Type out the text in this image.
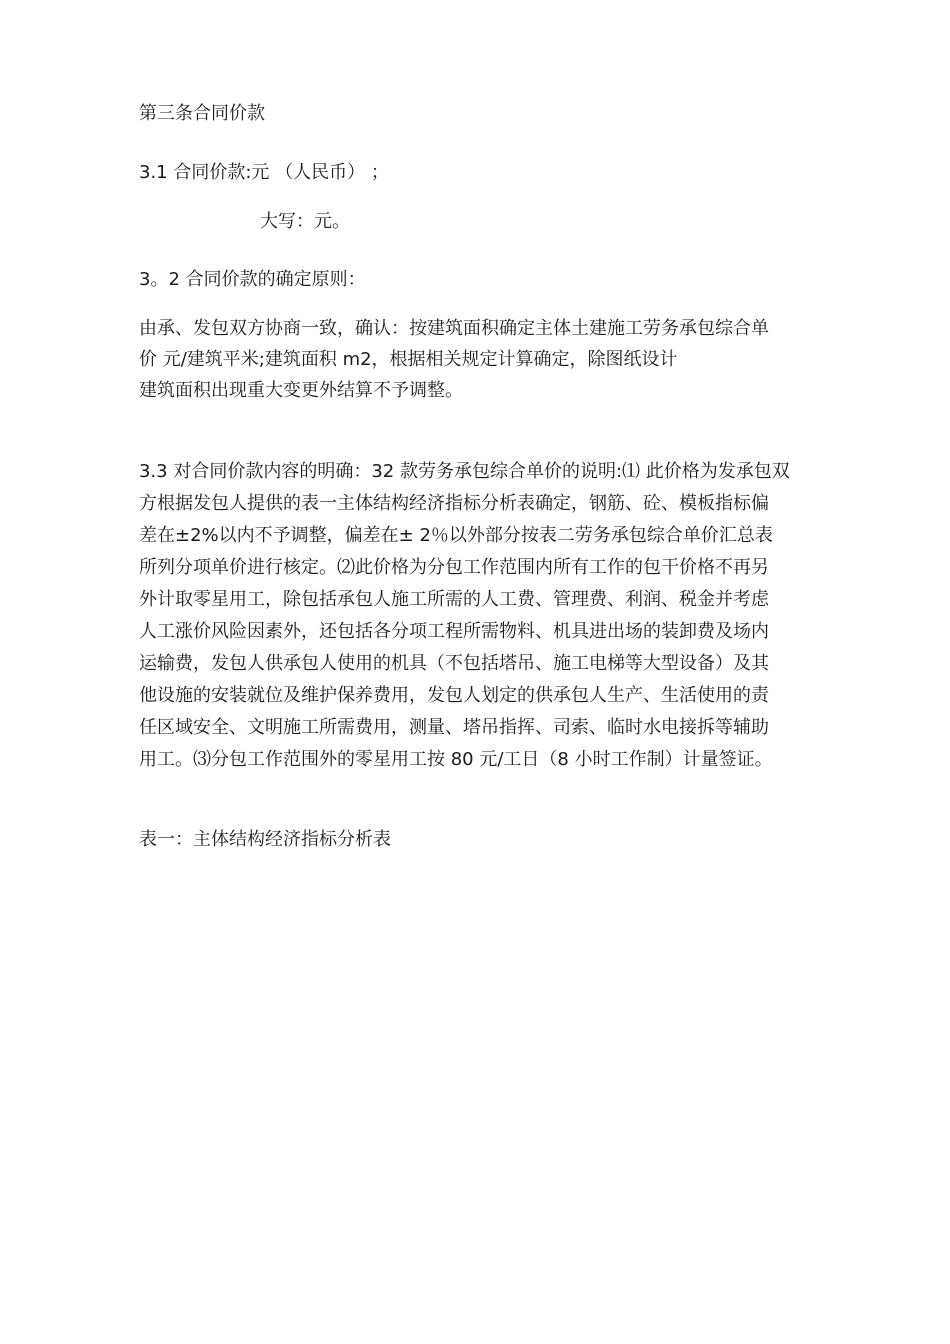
第三条合同价款

3.1 合同价款:元 （人民币） ；

大写：元。

3。2 合同价款的确定原则：

由承、发包双方协商一致，确认：按建筑面积确定主体土建施工劳务承包综合单
价 元/建筑平米;建筑面积 m2，根据相关规定计算确定，除图纸设计
建筑面积出现重大变更外结算不予调整。
3.3 对合同价款内容的明确：32 款劳务承包综合单价的说明:⑴ 此价格为发承包双
方根据发包人提供的表一主体结构经济指标分析表确定，钢筋、砼、模板指标偏
差在±2%以内不予调整，偏差在± 2％以外部分按表二劳务承包综合单价汇总表
所列分项单价进行核定。⑵此价格为分包工作范围内所有工作的包干价格不再另
外计取零星用工，除包括承包人施工所需的人工费、管理费、利润、税金并考虑
人工涨价风险因素外，还包括各分项工程所需物料、机具进出场的装卸费及场内
运输费，发包人供承包人使用的机具（不包括塔吊、施工电梯等大型设备）及其
他设施的安装就位及维护保养费用，发包人划定的供承包人生产、生活使用的责
任区域安全、文明施工所需费用，测量、塔吊指挥、司索、临时水电接拆等辅助
用工。⑶分包工作范围外的零星用工按 80 元/工日（8 小时工作制）计量签证。

表一：主体结构经济指标分析表
